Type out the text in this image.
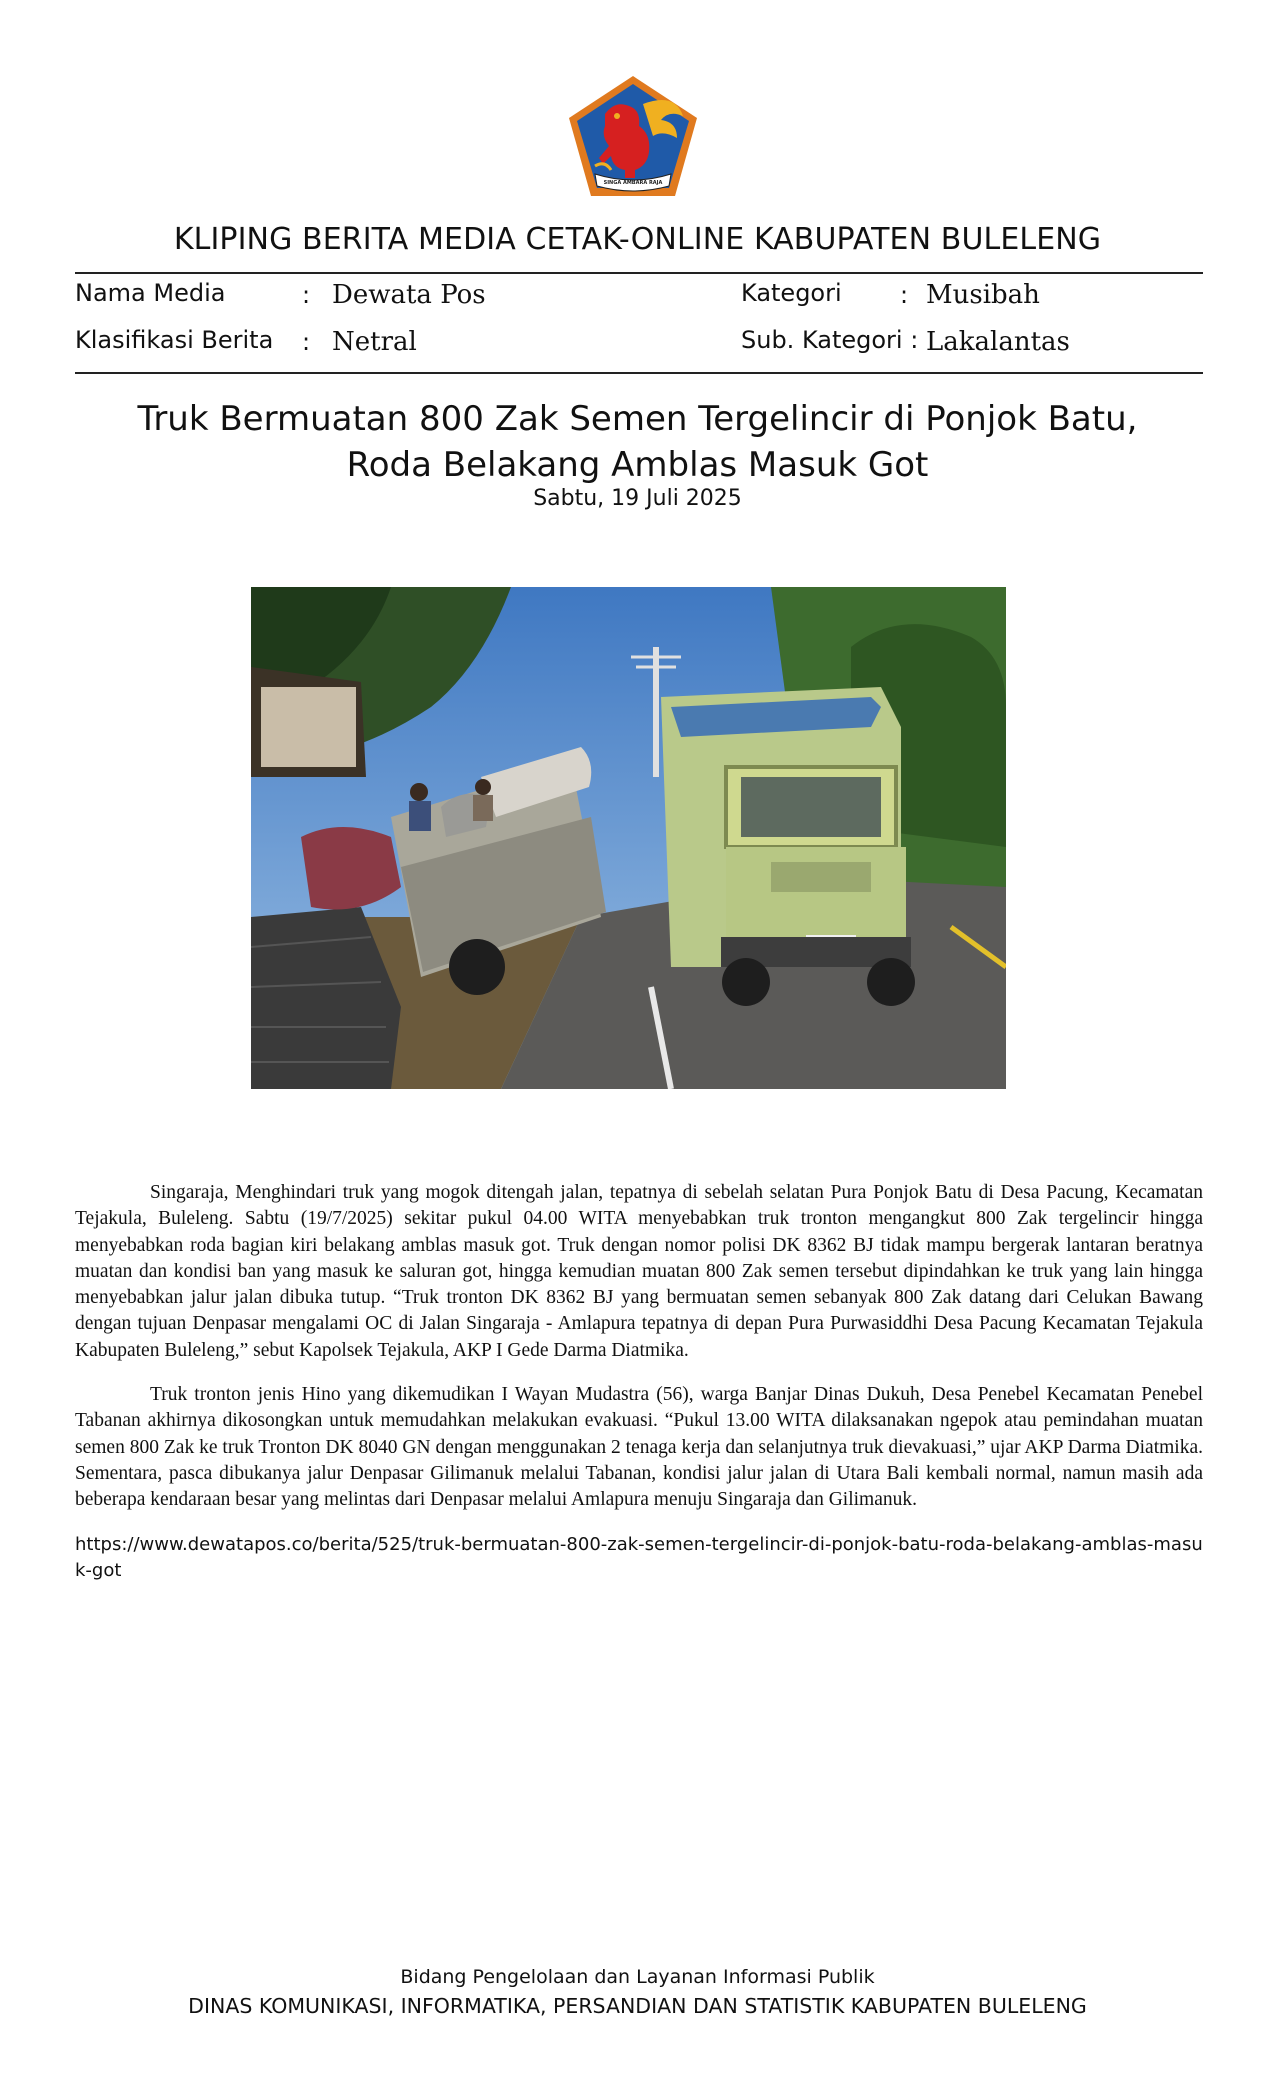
SINGA AMBARA RAJA
KLIPING BERITA MEDIA CETAK-ONLINE KABUPATEN BULELENG
Nama Media	: Dewata Pos	Kategori : Musibah
Klasifikasi Berita : Netral	Sub. Kategori : Lakalantas
Truk Bermuatan 800 Zak Semen Tergelincir di Ponjok Batu,
Roda Belakang Amblas Masuk Got
Sabtu, 19 Juli 2025

Singaraja, Menghindari truk yang mogok ditengah jalan, tepatnya di sebelah selatan Pura Ponjok Batu di Desa Pacung, Kecamatan Tejakula, Buleleng. Sabtu (19/7/2025) sekitar pukul 04.00 WITA menyebabkan truk tronton mengangkut 800 Zak tergelincir hingga menyebabkan roda bagian kiri belakang amblas masuk got. Truk dengan nomor polisi DK 8362 BJ tidak mampu bergerak lantaran beratnya muatan dan kondisi ban yang masuk ke saluran got, hingga kemudian muatan 800 Zak semen tersebut dipindahkan ke truk yang lain hingga menyebabkan jalur jalan dibuka tutup. “Truk tronton DK 8362 BJ yang bermuatan semen sebanyak 800 Zak datang dari Celukan Bawang dengan tujuan Denpasar mengalami OC di Jalan Singaraja - Amlapura tepatnya di depan Pura Purwasiddhi Desa Pacung Kecamatan Tejakula Kabupaten Buleleng,” sebut Kapolsek Tejakula, AKP I Gede Darma Diatmika.

Truk tronton jenis Hino yang dikemudikan I Wayan Mudastra (56), warga Banjar Dinas Dukuh, Desa Penebel Kecamatan Penebel Tabanan akhirnya dikosongkan untuk memudahkan melakukan evakuasi. “Pukul 13.00 WITA dilaksanakan ngepok atau pemindahan muatan semen 800 Zak ke truk Tronton DK 8040 GN dengan menggunakan 2 tenaga kerja dan selanjutnya truk dievakuasi,” ujar AKP Darma Diatmika. Sementara, pasca dibukanya jalur Denpasar Gilimanuk melalui Tabanan, kondisi jalur jalan di Utara Bali kembali normal, namun masih ada beberapa kendaraan besar yang melintas dari Denpasar melalui Amlapura menuju Singaraja dan Gilimanuk.

https://www.dewatapos.co/berita/525/truk-bermuatan-800-zak-semen-tergelincir-di-ponjok-batu-roda-belakang-amblas-masuk-got
Bidang Pengelolaan dan Layanan Informasi Publik
DINAS KOMUNIKASI, INFORMATIKA, PERSANDIAN DAN STATISTIK KABUPATEN BULELENG
